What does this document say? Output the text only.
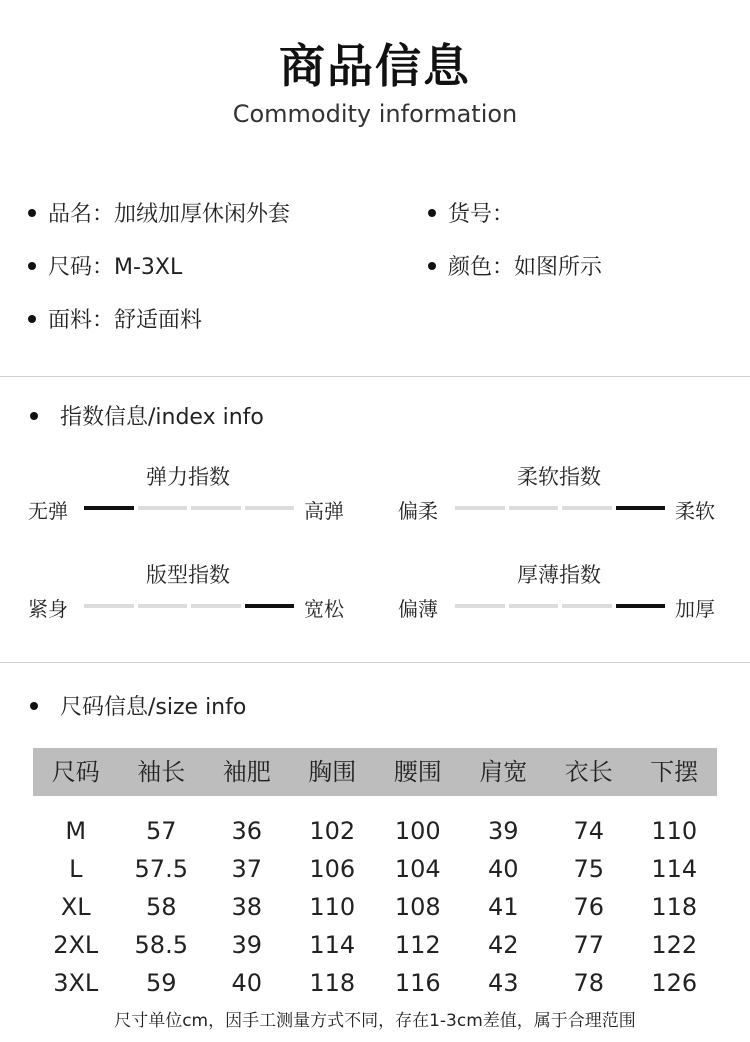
商品信息
Commodity information
品名：加绒加厚休闲外套	货号：
尺码：M-3XL	颜色：如图所示
面料：舒适面料
指数信息/index info
弹力指数
无弹	高弹
柔软指数
偏柔	柔软
版型指数
紧身	宽松
厚薄指数
偏薄	加厚
尺码信息/size info
尺码	袖长	袖肥	胸围	腰围	肩宽	衣长	下摆
M	57	36	102	100	39	74	110
L	57.5	37	106	104	40	75	114
XL	58	38	110	108	41	76	118
2XL	58.5	39	114	112	42	77	122
3XL	59	40	118	116	43	78	126
尺寸单位cm，因手工测量方式不同，存在1-3cm差值，属于合理范围
